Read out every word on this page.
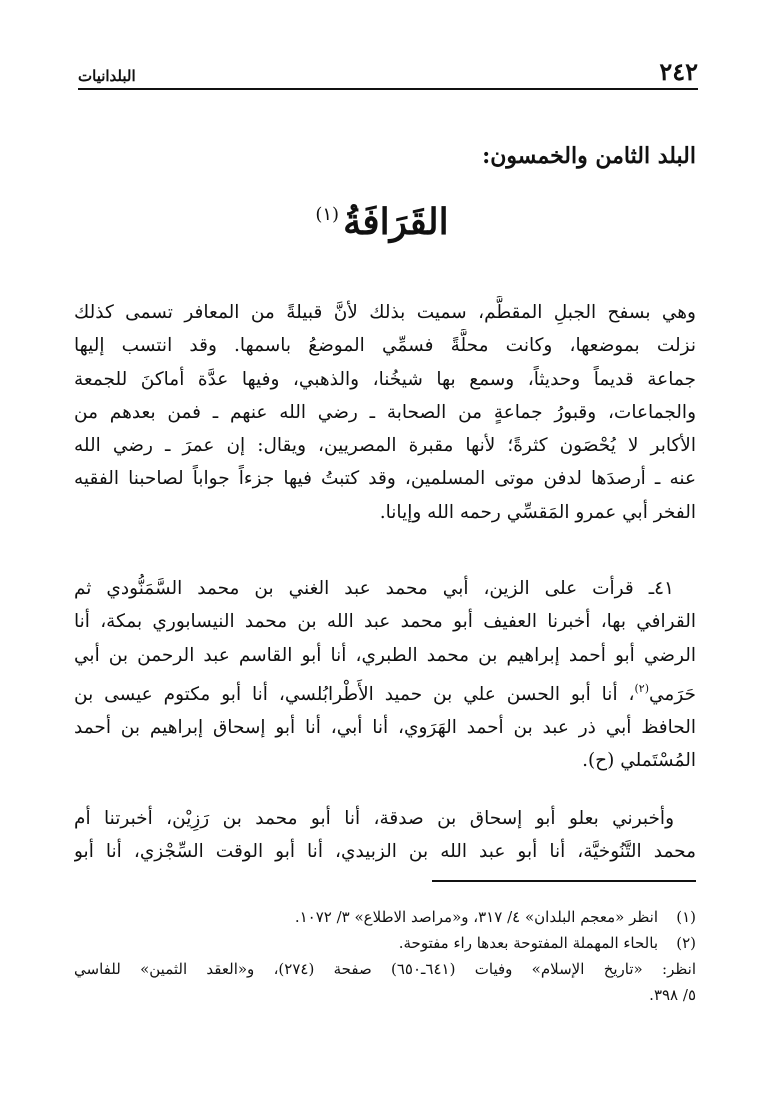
٢٤٢
البلدانيات
البلد الثامن والخمسون:
القَرَافَةُ$^{(١)}$
وهي بسفح الجبلِ المقطَّم، سميت بذلك لأنَّ قبيلةً من المعافر تسمى كذلك
نزلت بموضعها، وكانت محلَّةً فسمِّي الموضعُ باسمها. وقد انتسب إليها
جماعة قديماً وحديثاً، وسمع بها شيخُنا، والذهبي، وفيها عدَّة أماكنَ للجمعة
والجماعات، وقبورُ جماعةٍ من الصحابة ـ رضي الله عنهم ـ فمن بعدهم من
الأكابر لا يُحْصَون كثرةً؛ لأنها مقبرة المصريين، ويقال: إن عمرَ ـ رضي الله
عنه ـ أرصدَها لدفن موتى المسلمين، وقد كتبتُ فيها جزءاً جواباً لصاحبنا الفقيه
الفخر أبي عمرو المَقسِّي رحمه الله وإيانا.
٤١ـ قرأت على الزين، أبي محمد عبد الغني بن محمد السَّمَنُّودي ثم
القرافي بها، أخبرنا العفيف أبو محمد عبد الله بن محمد النيسابوري بمكة، أنا
الرضي أبو أحمد إبراهيم بن محمد الطبري، أنا أبو القاسم عبد الرحمن بن أبي
حَرَمي$^{(٢)}$، أنا أبو الحسن علي بن حميد الأَطْرابُلسي، أنا أبو مكتوم عيسى بن
الحافظ أبي ذر عبد بن أحمد الهَرَوي، أنا أبي، أنا أبو إسحاق إبراهيم بن أحمد
المُسْتَملي (ح).
وأخبرني بعلو أبو إسحاق بن صدقة، أنا أبو محمد بن رَزِيْن، أخبرتنا أم
محمد التَّنُوخيَّة، أنا أبو عبد الله بن الزبيدي، أنا أبو الوقت السِّجْزي، أنا أبو
(١)انظر «معجم البلدان» ٤/ ٣١٧، و«مراصد الاطلاع» ٣/ ١٠٧٢.
(٢)بالحاء المهملة المفتوحة بعدها راء مفتوحة.
انظر: «تاريخ الإسلام» وفيات (٦٤١ـ٦٥٠) صفحة (٢٧٤)، و«العقد الثمين» للفاسي
٥/ ٣٩٨.
